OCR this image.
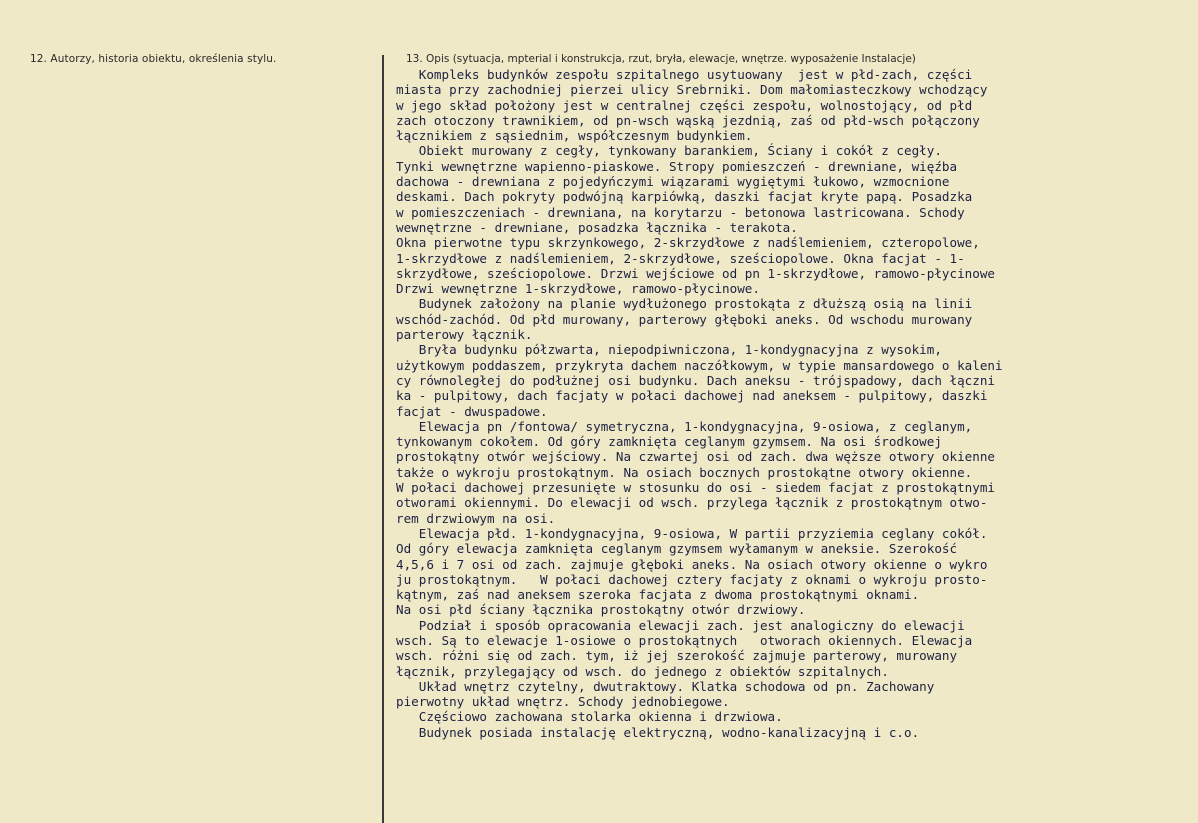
12. Autorzy, historia obiektu, określenia stylu.	13. Opis (sytuacja, mpterial i konstrukcja, rzut, bryła, elewacje, wnętrze. wyposażenie Instalacje)
Kompleks budynków zespołu szpitalnego usytuowany  jest w płd-zach, części
miasta przy zachodniej pierzei ulicy Srebrniki. Dom małomiasteczkowy wchodzący
w jego skład położony jest w centralnej części zespołu, wolnostojący, od płd
zach otoczony trawnikiem, od pn-wsch wąską jezdnią, zaś od płd-wsch połączony
łącznikiem z sąsiednim, współczesnym budynkiem.
Obiekt murowany z cegły, tynkowany barankiem, Ściany i cokół z cegły.
Tynki wewnętrzne wapienno-piaskowe. Stropy pomieszczeń - drewniane, więźba
dachowa - drewniana z pojedyńczymi wiązarami wygiętymi łukowo, wzmocnione
deskami. Dach pokryty podwójną karpiówką, daszki facjat kryte papą. Posadzka
w pomieszczeniach - drewniana, na korytarzu - betonowa lastricowana. Schody
wewnętrzne - drewniane, posadzka łącznika - terakota.
Okna pierwotne typu skrzynkowego, 2-skrzydłowe z nadślemieniem, czteropolowe,
1-skrzydłowe z nadślemieniem, 2-skrzydłowe, sześciopolowe. Okna facjat - 1-
skrzydłowe, sześciopolowe. Drzwi wejściowe od pn 1-skrzydłowe, ramowo-płycinowe
Drzwi wewnętrzne 1-skrzydłowe, ramowo-płycinowe.
Budynek założony na planie wydłużonego prostokąta z dłuższą osią na linii
wschód-zachód. Od płd murowany, parterowy głęboki aneks. Od wschodu murowany
parterowy łącznik.
Bryła budynku półzwarta, niepodpiwniczona, 1-kondygnacyjna z wysokim,
użytkowym poddaszem, przykryta dachem naczółkowym, w typie mansardowego o kaleni
cy równoległej do podłużnej osi budynku. Dach aneksu - trójspadowy, dach łączni
ka - pulpitowy, dach facjaty w połaci dachowej nad aneksem - pulpitowy, daszki
facjat - dwuspadowe.
Elewacja pn /fontowa/ symetryczna, 1-kondygnacyjna, 9-osiowa, z ceglanym,
tynkowanym cokołem. Od góry zamknięta ceglanym gzymsem. Na osi środkowej
prostokątny otwór wejściowy. Na czwartej osi od zach. dwa węższe otwory okienne
także o wykroju prostokątnym. Na osiach bocznych prostokątne otwory okienne.
W połaci dachowej przesunięte w stosunku do osi - siedem facjat z prostokątnymi
otworami okiennymi. Do elewacji od wsch. przylega łącznik z prostokątnym otwo-
rem drzwiowym na osi.
Elewacja płd. 1-kondygnacyjna, 9-osiowa, W partii przyziemia ceglany cokół.
Od góry elewacja zamknięta ceglanym gzymsem wyłamanym w aneksie. Szerokość
4,5,6 i 7 osi od zach. zajmuje głęboki aneks. Na osiach otwory okienne o wykro
ju prostokątnym.   W połaci dachowej cztery facjaty z oknami o wykroju prosto-
kątnym, zaś nad aneksem szeroka facjata z dwoma prostokątnymi oknami.
Na osi płd ściany łącznika prostokątny otwór drzwiowy.
Podział i sposób opracowania elewacji zach. jest analogiczny do elewacji
wsch. Są to elewacje 1-osiowe o prostokątnych   otworach okiennych. Elewacja
wsch. różni się od zach. tym, iż jej szerokość zajmuje parterowy, murowany
łącznik, przylegający od wsch. do jednego z obiektów szpitalnych.
Układ wnętrz czytelny, dwutraktowy. Klatka schodowa od pn. Zachowany
pierwotny układ wnętrz. Schody jednobiegowe.
Częściowo zachowana stolarka okienna i drzwiowa.
Budynek posiada instalację elektryczną, wodno-kanalizacyjną i c.o.
